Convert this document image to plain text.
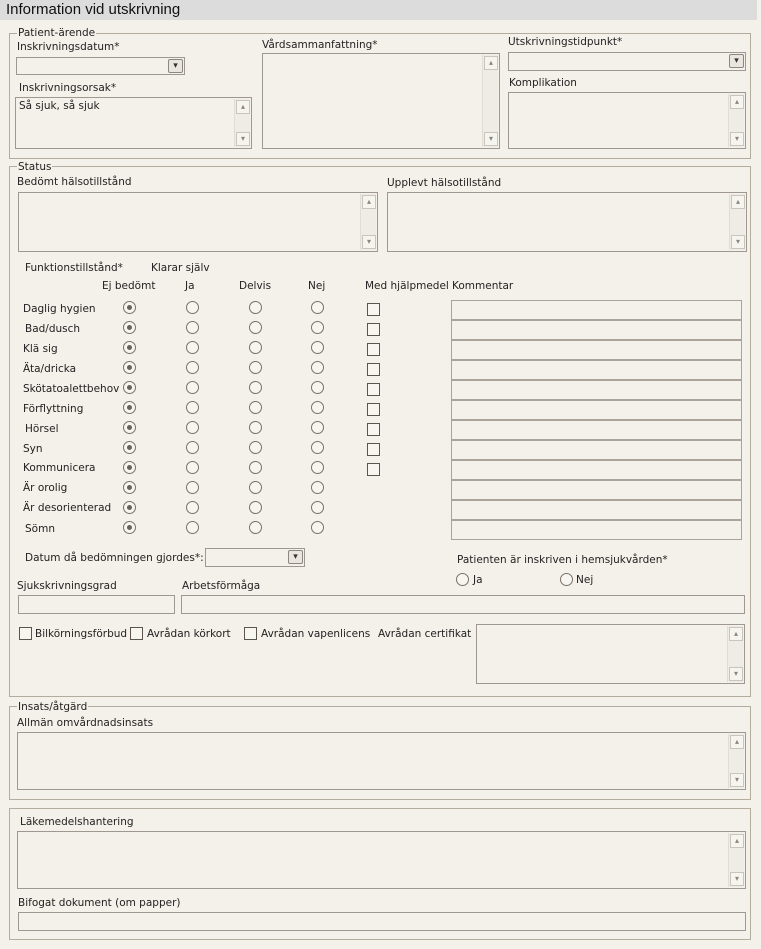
Information vid utskrivning
Patient-ärende
Inskrivningsdatum*
▾
Inskrivningsorsak*
Så sjuk, så sjuk	▴
▾
Vårdsammanfattning*
▴
▾
Utskrivningstidpunkt*
▾
Komplikation
▴
▾
Status
Bedömt hälsotillstånd
▴
▾
Upplevt hälsotillstånd
▴
▾
Funktionstillstånd*	Klarar själv
Ej bedömt	Ja	Delvis	Nej	Med hjälpmedel Kommentar
Daglig hygien
Bad/dusch
Klä sig
Äta/dricka
Skötatoalettbehov
Förflyttning
Hörsel
Syn
Kommunicera
Är orolig
Är desorienterad
Sömn
Datum då bedömningen gjordes*:	▾	Patienten är inskriven i hemsjukvården*
Ja	Nej
Sjukskrivningsgrad	Arbetsförmåga
Bilkörningsförbud Avrådan körkort	Avrådan vapenlicens Avrådan certifikat	▴
▾
Insats/åtgärd
Allmän omvårdnadsinsats
▴
▾
Läkemedelshantering
▴
▾
Bifogat dokument (om papper)
